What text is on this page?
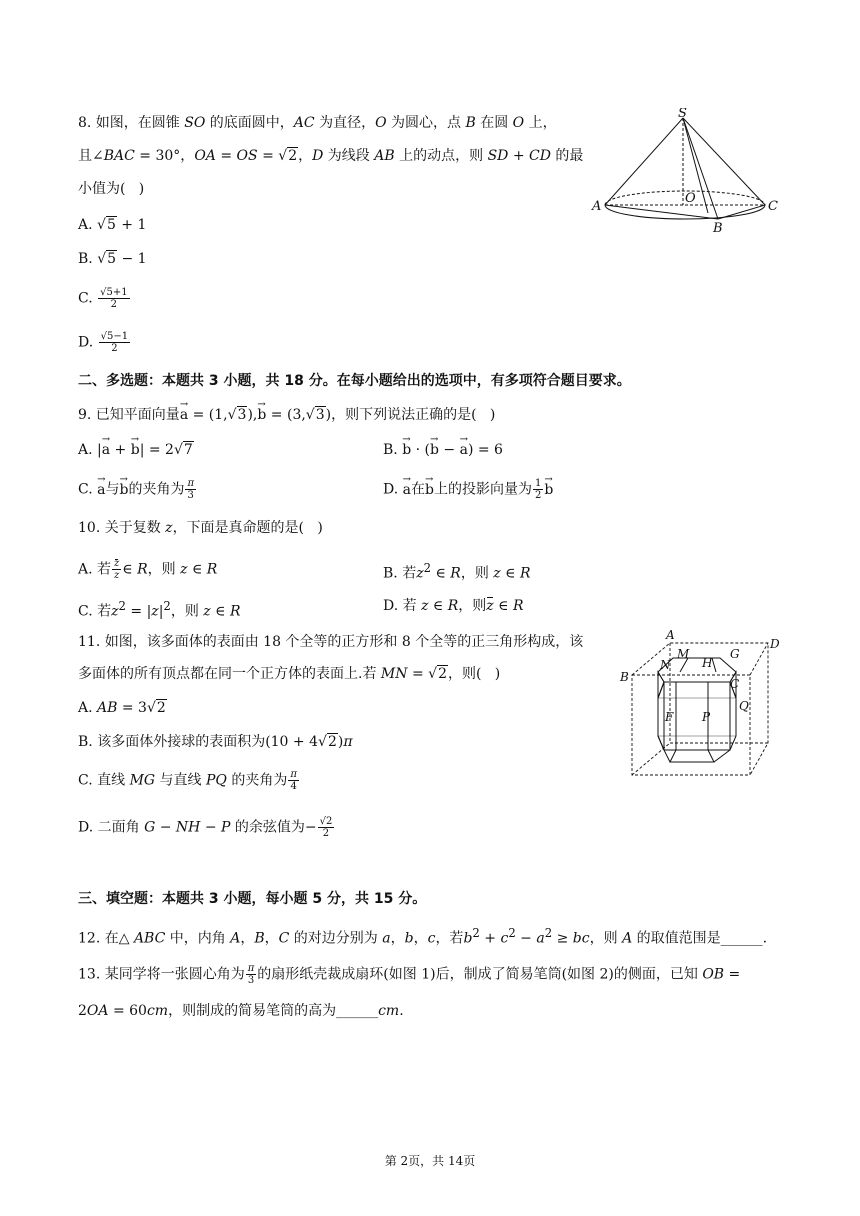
8. 如图，在圆锥 SO 的底面圆中，AC 为直径，O 为圆心，点 B 在圆 O 上，
且∠BAC = 30°，OA = OS = √2，D 为线段 AB 上的动点，则 SD + CD 的最
小值为(   )
A. √5 + 1
B. √5 − 1
C. $\frac{√5+1}{2}$
D. $\frac{√5-1}{2}$
S
O
A	C
B
二、多选题：本题共 3 小题，共 18 分。在每小题给出的选项中，有多项符合题目要求。
9. 已知平面向量→ a = (1,√3),→ b = (3,√3)，则下列说法正确的是(   )
A. |→ a + → b| = 2√7	B. → b · (→ b − → a) = 6
C. → a与→ b的夹角为 $\frac{\pi}{3}$	D. → a在→ b上的投影向量为 $\frac{1}{2}$
→ b
10. 关于复数 z，下面是真命题的是(   )
A. 若 $\frac{z}{z}$ ∈ R，则 z ∈ R	B. 若$z^2$ ∈ R，则 z ∈ R
C. 若$z^2 = |z|^2$，则 z ∈ R	D. 若 z ∈ R，则z ∈ R
11. 如图，该多面体的表面由 18 个全等的正方形和 8 个全等的正三角形构成，该
多面体的所有顶点都在同一个正方体的表面上.若 MN = √2，则(   )
A. AB = 3√2
B. 该多面体外接球的表面积为(10 + 4√2)π
C. 直线 MG 与直线 PQ 的夹角为 $\frac{\pi}{4}$
D. 二面角 G − NH − P 的余弦值为− $\frac{√2}{2}$
A
D
M
H
G
N
B	C
F P
Q
三、填空题：本题共 3 小题，每小题 5 分，共 15 分。
12. 在△ ABC 中，内角 A，B，C 的对边分别为 a，b，c，若$b^2 + c^2 - a^2$ ≥ bc，则 A 的取值范围是______.
13. 某同学将一张圆心角为 $\frac{\pi}{3}$ 的扇形纸壳裁成扇环(如图 1)后，制成了简易笔筒(如图 2)的侧面，已知 OB =
2OA = 60cm，则制成的简易笔筒的高为______cm.
第 2页，共 14页
